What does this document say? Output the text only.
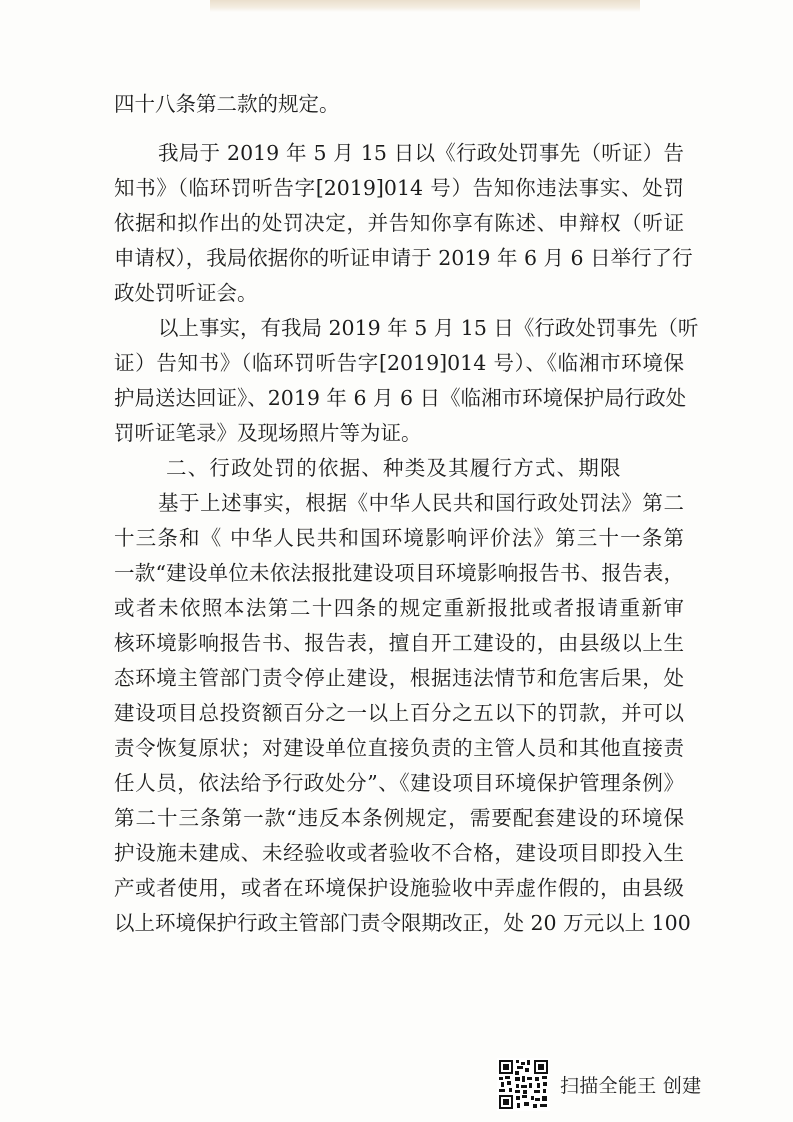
四十八条第二款的规定。
我局于 2019 年 5 月 15 日以《行政处罚事先（听证）告
知书》（临环罚听告字[2019]014 号）告知你违法事实、处罚
依据和拟作出的处罚决定，并告知你享有陈述、申辩权（听证
申请权），我局依据你的听证申请于 2019 年 6 月 6 日举行了行
政处罚听证会。
以上事实，有我局 2019 年 5 月 15 日《行政处罚事先（听
证）告知书》（临环罚听告字[2019]014 号）、《临湘市环境保
护局送达回证》、2019 年 6 月 6 日《临湘市环境保护局行政处
罚听证笔录》及现场照片等为证。
二、行政处罚的依据、种类及其履行方式、期限
基于上述事实，根据《中华人民共和国行政处罚法》第二
十三条和《 中华人民共和国环境影响评价法》第三十一条第
一款“建设单位未依法报批建设项目环境影响报告书、报告表，
或者未依照本法第二十四条的规定重新报批或者报请重新审
核环境影响报告书、报告表，擅自开工建设的，由县级以上生
态环境主管部门责令停止建设，根据违法情节和危害后果，处
建设项目总投资额百分之一以上百分之五以下的罚款，并可以
责令恢复原状；对建设单位直接负责的主管人员和其他直接责
任人员，依法给予行政处分”、《建设项目环境保护管理条例》
第二十三条第一款“违反本条例规定，需要配套建设的环境保
护设施未建成、未经验收或者验收不合格，建设项目即投入生
产或者使用，或者在环境保护设施验收中弄虚作假的，由县级
以上环境保护行政主管部门责令限期改正，处 20 万元以上 100
扫描全能王 创建
